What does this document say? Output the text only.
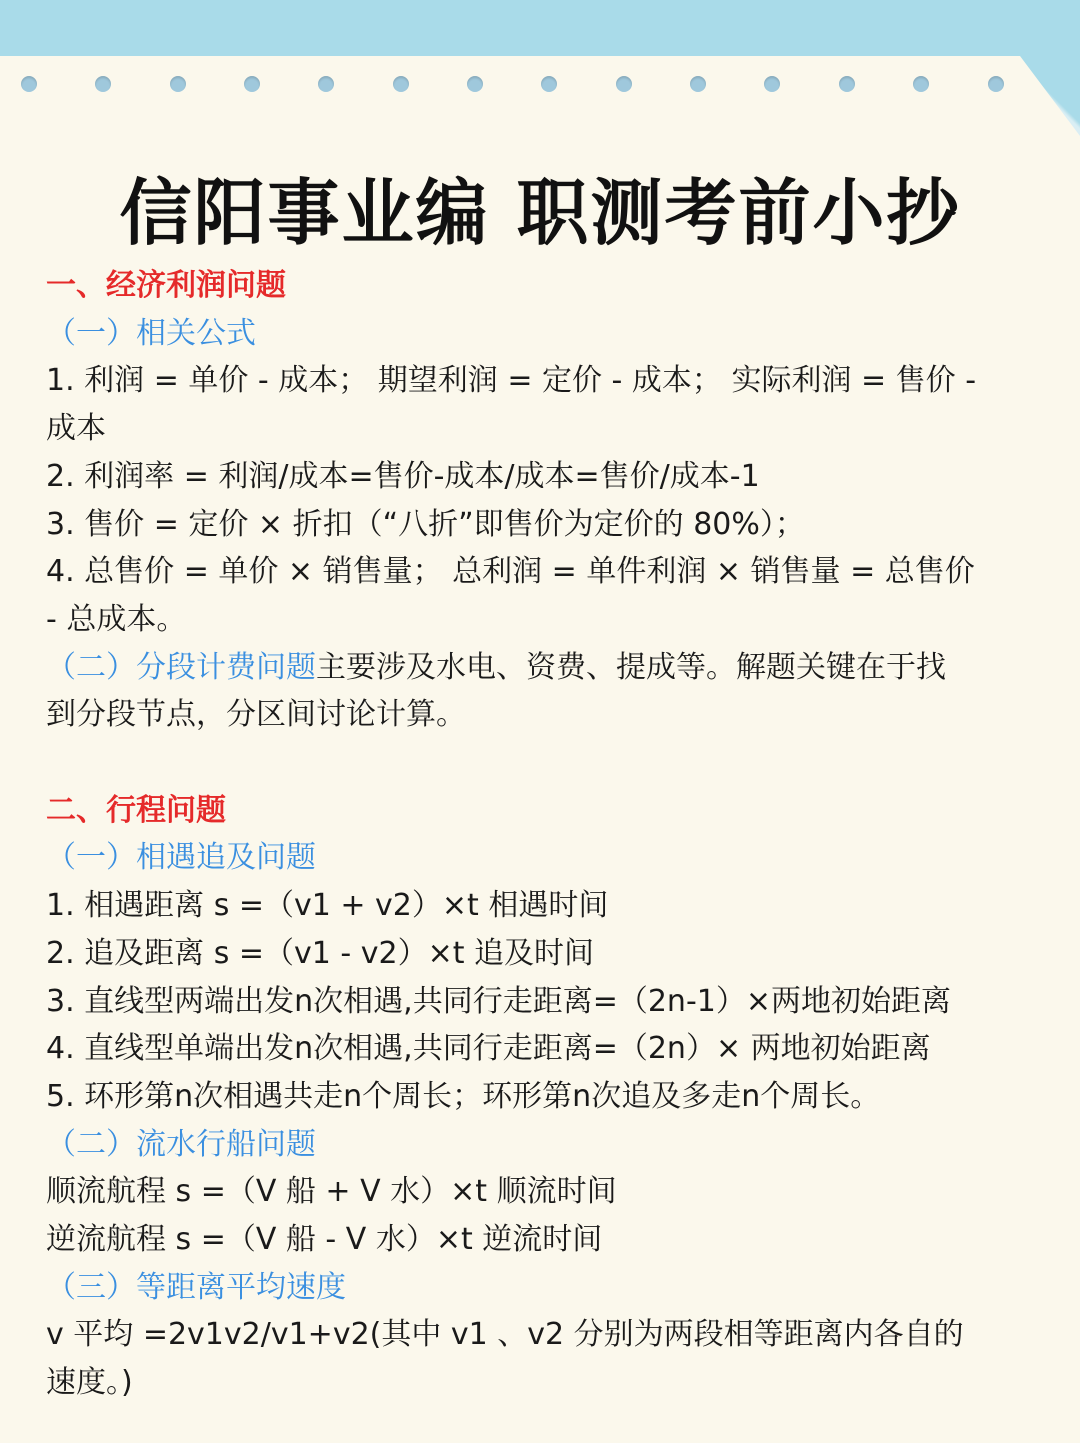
信阳事业编 职测考前小抄
一、经济利润问题
（一）相关公式
1. 利润 = 单价 - 成本； 期望利润 = 定价 - 成本； 实际利润 = 售价 -
成本
2. 利润率 = 利润/成本=售价-成本/成本=售价/成本-1
3. 售价 = 定价 × 折扣（“八折”即售价为定价的 80%）；
4. 总售价 = 单价 × 销售量； 总利润 = 单件利润 × 销售量 = 总售价
- 总成本。
（二）分段计费问题主要涉及水电、资费、提成等。解题关键在于找
到分段节点，分区间讨论计算。
二、行程问题
（一）相遇追及问题
1. 相遇距离 s =（v1 + v2）×t 相遇时间
2. 追及距离 s =（v1 - v2）×t 追及时间
3. 直线型两端出发n次相遇,共同行走距离=（2n-1）×两地初始距离
4. 直线型单端出发n次相遇,共同行走距离=（2n）× 两地初始距离
5. 环形第n次相遇共走n个周长；环形第n次追及多走n个周长。
（二）流水行船问题
顺流航程 s =（V 船 + V 水）×t 顺流时间
逆流航程 s =（V 船 - V 水）×t 逆流时间
（三）等距离平均速度
v 平均 =2v1v2/v1+v2(其中 v1 、v2 分别为两段相等距离内各自的
速度。)
